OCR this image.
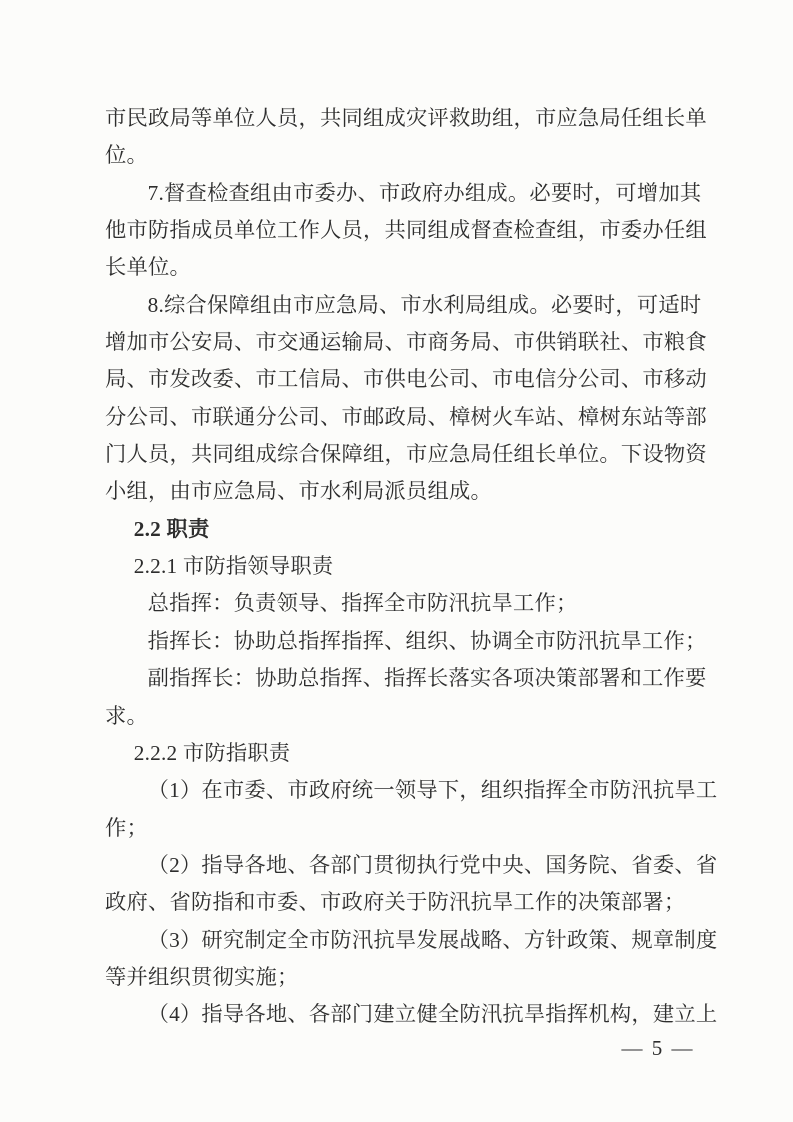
市民政局等单位人员，共同组成灾评救助组，市应急局任组长单
位。
7.督查检查组由市委办、市政府办组成。必要时，可增加其
他市防指成员单位工作人员，共同组成督查检查组，市委办任组
长单位。
8.综合保障组由市应急局、市水利局组成。必要时，可适时
增加市公安局、市交通运输局、市商务局、市供销联社、市粮食
局、市发改委、市工信局、市供电公司、市电信分公司、市移动
分公司、市联通分公司、市邮政局、樟树火车站、樟树东站等部
门人员，共同组成综合保障组，市应急局任组长单位。下设物资
小组，由市应急局、市水利局派员组成。
2.2 职责
2.2.1 市防指领导职责
总指挥：负责领导、指挥全市防汛抗旱工作；
指挥长：协助总指挥指挥、组织、协调全市防汛抗旱工作；
副指挥长：协助总指挥、指挥长落实各项决策部署和工作要
求。
2.2.2 市防指职责
（1）在市委、市政府统一领导下，组织指挥全市防汛抗旱工
作；
（2）指导各地、各部门贯彻执行党中央、国务院、省委、省
政府、省防指和市委、市政府关于防汛抗旱工作的决策部署；
（3）研究制定全市防汛抗旱发展战略、方针政策、规章制度
等并组织贯彻实施；
（4）指导各地、各部门建立健全防汛抗旱指挥机构，建立上
— 5 —
